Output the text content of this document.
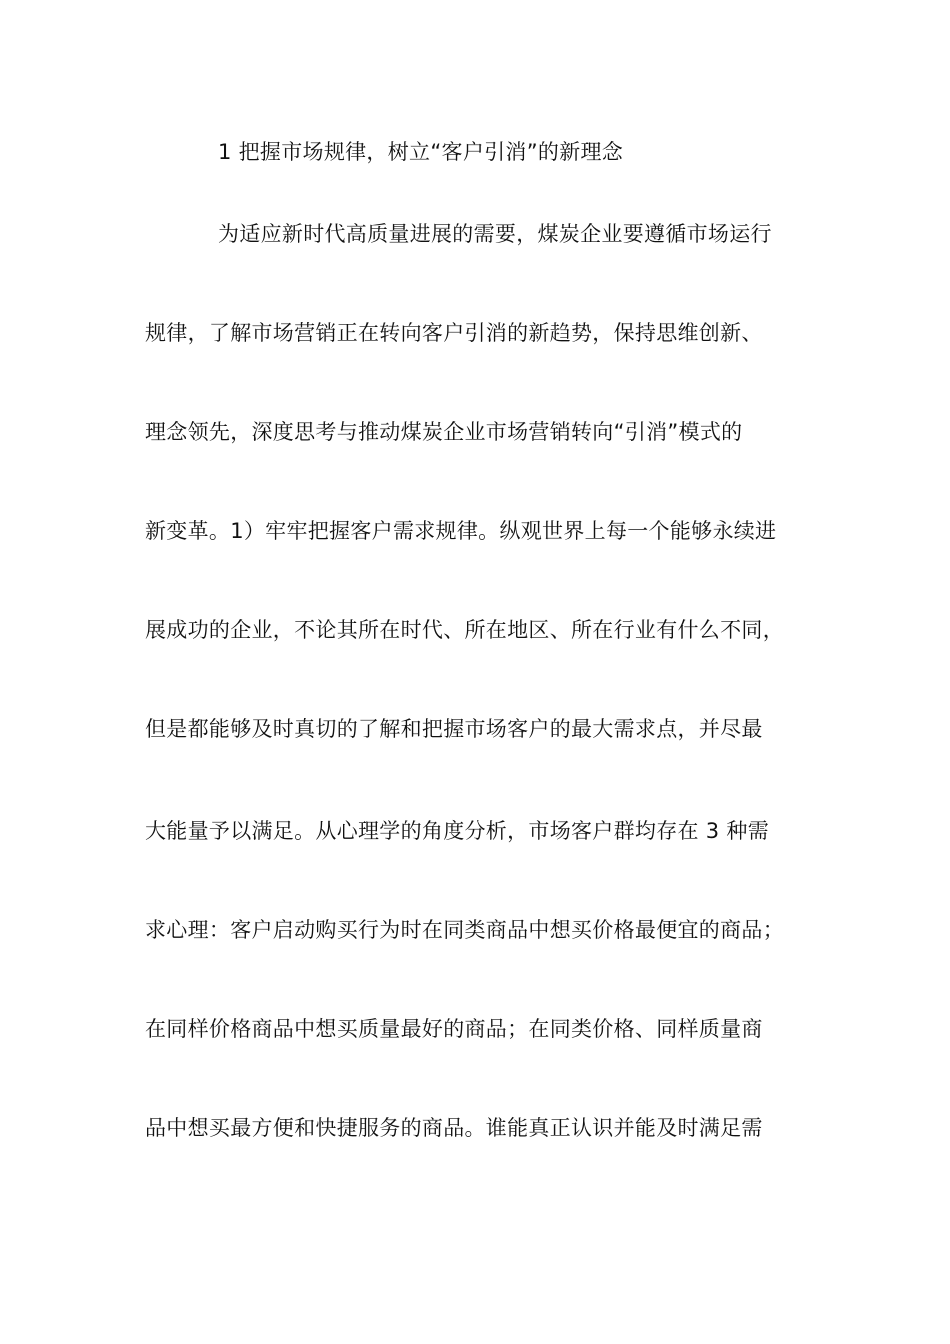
1 把握市场规律，树立“客户引消”的新理念
为适应新时代高质量进展的需要，煤炭企业要遵循市场运行
规律，了解市场营销正在转向客户引消的新趋势，保持思维创新、
理念领先，深度思考与推动煤炭企业市场营销转向“引消”模式的
新变革。1）牢牢把握客户需求规律。纵观世界上每一个能够永续进
展成功的企业，不论其所在时代、所在地区、所在行业有什么不同，
但是都能够及时真切的了解和把握市场客户的最大需求点，并尽最
大能量予以满足。从心理学的角度分析，市场客户群均存在 3 种需
求心理：客户启动购买行为时在同类商品中想买价格最便宜的商品；
在同样价格商品中想买质量最好的商品；在同类价格、同样质量商
品中想买最方便和快捷服务的商品。谁能真正认识并能及时满足需
